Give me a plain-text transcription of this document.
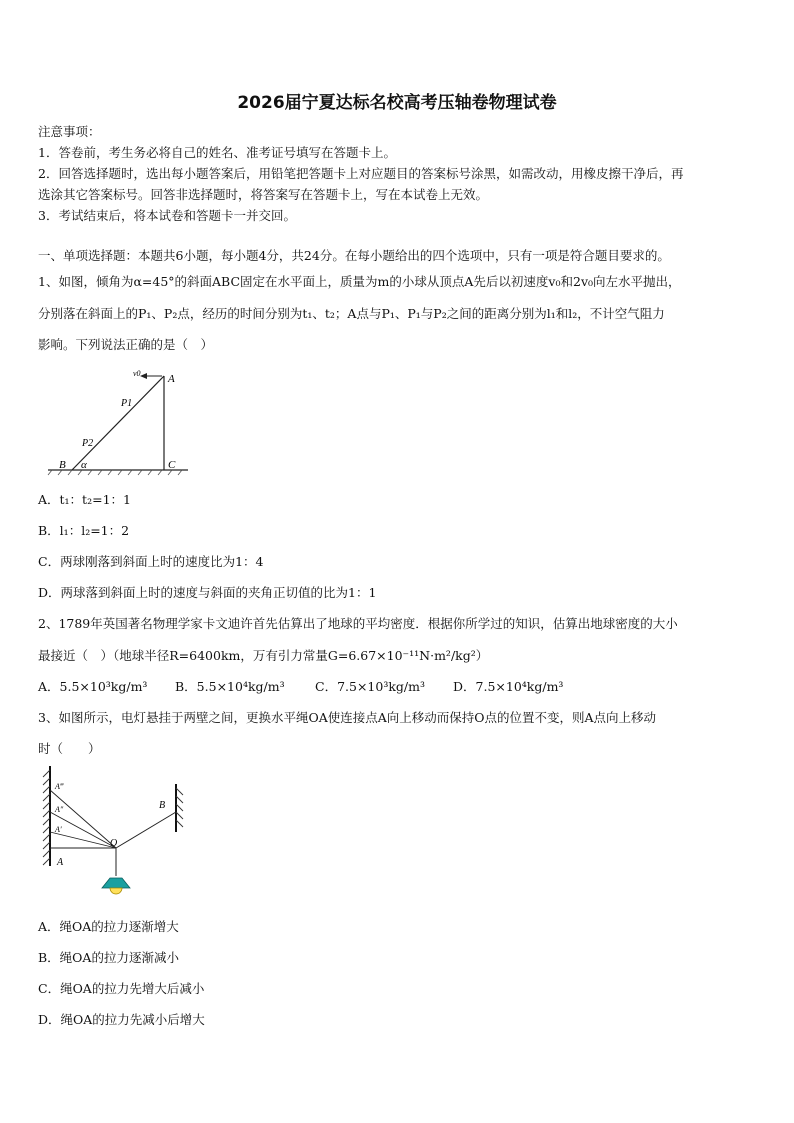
2026届宁夏达标名校高考压轴卷物理试卷
注意事项：
1．答卷前，考生务必将自己的姓名、准考证号填写在答题卡上。
2．回答选择题时，选出每小题答案后，用铅笔把答题卡上对应题目的答案标号涂黑，如需改动，用橡皮擦干净后，再
选涂其它答案标号。回答非选择题时，将答案写在答题卡上，写在本试卷上无效。
3．考试结束后，将本试卷和答题卡一并交回。
一、单项选择题：本题共6小题，每小题4分，共24分。在每小题给出的四个选项中，只有一项是符合题目要求的。
1、如图，倾角为α=45°的斜面ABC固定在水平面上，质量为m的小球从顶点A先后以初速度v₀和2v₀向左水平抛出，
分别落在斜面上的P₁、P₂点，经历的时间分别为t₁、t₂；A点与P₁、P₁与P₂之间的距离分别为l₁和l₂，不计空气阻力
影响。下列说法正确的是（　）
v0 A
P1
P2
B α	C
A．t₁：t₂=1：1
B．l₁：l₂=1：2
C．两球刚落到斜面上时的速度比为1：4
D．两球落到斜面上时的速度与斜面的夹角正切值的比为1：1
2、1789年英国著名物理学家卡文迪许首先估算出了地球的平均密度．根据你所学过的知识，估算出地球密度的大小
最接近（　）（地球半径R=6400km，万有引力常量G=6.67×10⁻¹¹N·m²/kg²）
A．5.5×10³kg/m³ B．5.5×10⁴kg/m³ C．7.5×10³kg/m³ D．7.5×10⁴kg/m³
3、如图所示，电灯悬挂于两壁之间，更换水平绳OA使连接点A向上移动而保持O点的位置不变，则A点向上移动
时（　　）
A‴
A″
A′
A
O
B
A．绳OA的拉力逐渐增大
B．绳OA的拉力逐渐减小
C．绳OA的拉力先增大后减小
D．绳OA的拉力先减小后增大
